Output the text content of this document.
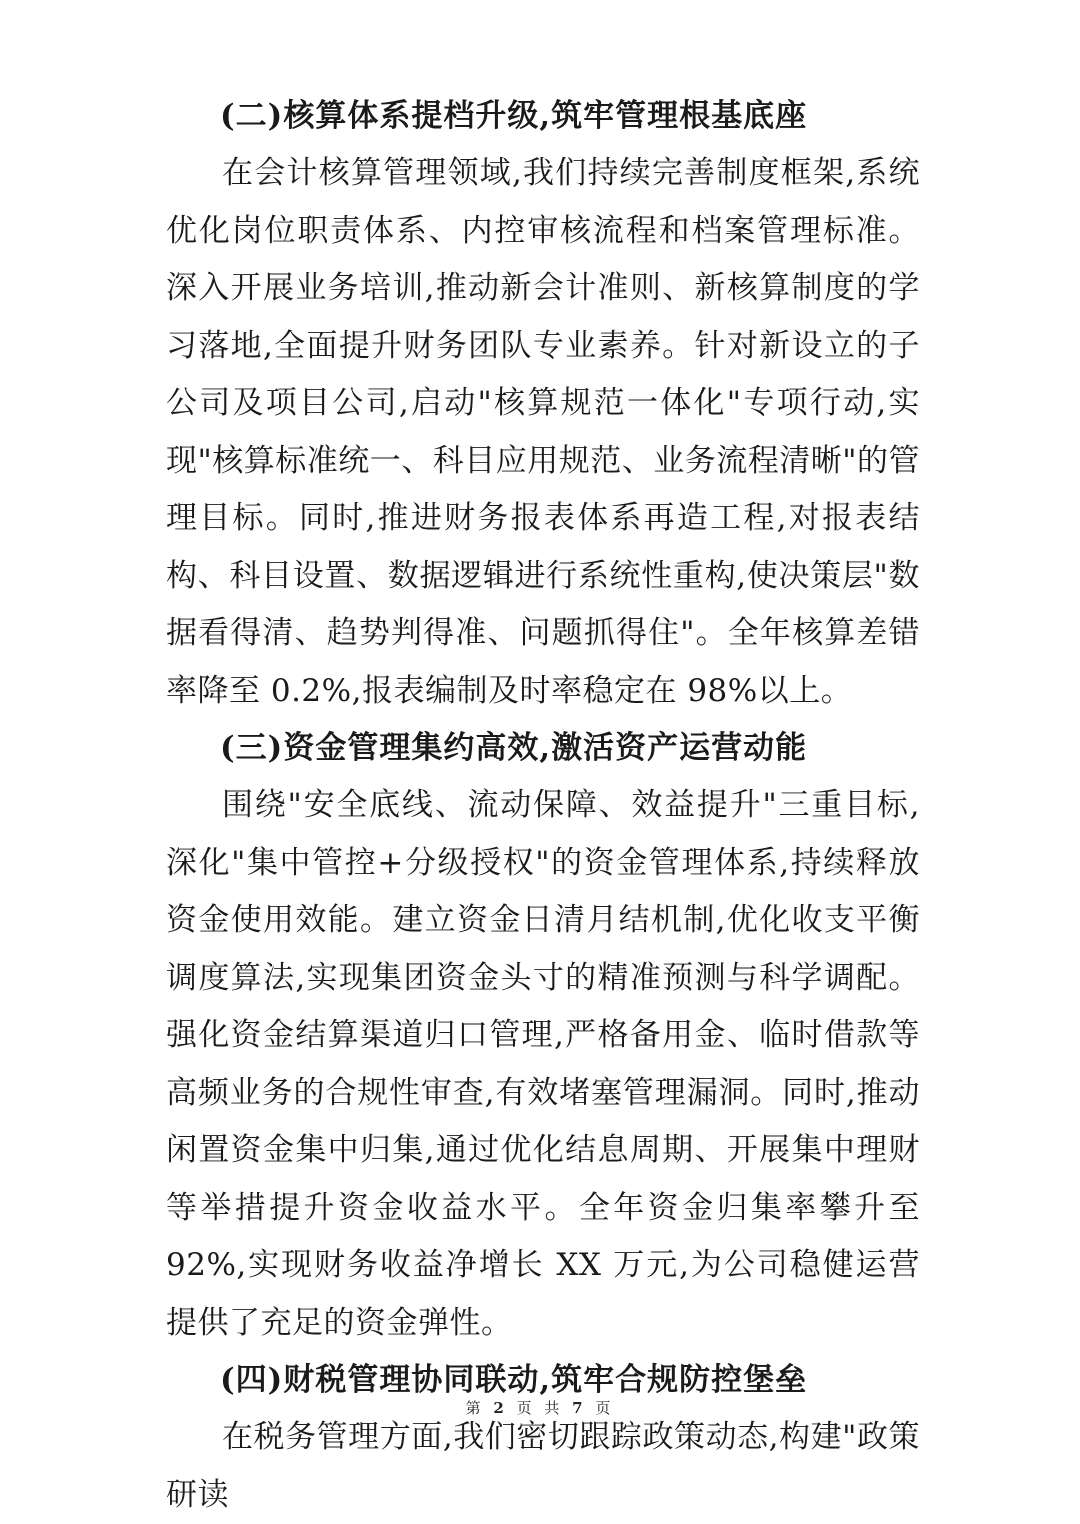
(二)核算体系提档升级,筑牢管理根基底座

在会计核算管理领域,我们持续完善制度框架,系统优化岗位职责体系、内控审核流程和档案管理标准。深入开展业务培训,推动新会计准则、新核算制度的学习落地,全面提升财务团队专业素养。针对新设立的子公司及项目公司,启动"核算规范一体化"专项行动,实现"核算标准统一、科目应用规范、业务流程清晰"的管理目标。同时,推进财务报表体系再造工程,对报表结构、科目设置、数据逻辑进行系统性重构,使决策层"数据看得清、趋势判得准、问题抓得住"。全年核算差错率降至 0.2%,报表编制及时率稳定在 98%以上。

(三)资金管理集约高效,激活资产运营动能

围绕"安全底线、流动保障、效益提升"三重目标,深化"集中管控+分级授权"的资金管理体系,持续释放资金使用效能。建立资金日清月结机制,优化收支平衡调度算法,实现集团资金头寸的精准预测与科学调配。强化资金结算渠道归口管理,严格备用金、临时借款等高频业务的合规性审查,有效堵塞管理漏洞。同时,推动闲置资金集中归集,通过优化结息周期、开展集中理财等举措提升资金收益水平。全年资金归集率攀升至 92%,实现财务收益净增长 XX 万元,为公司稳健运营提供了充足的资金弹性。

(四)财税管理协同联动,筑牢合规防控堡垒

在税务管理方面,我们密切跟踪政策动态,构建"政策研读

第 2 页 共 7 页
